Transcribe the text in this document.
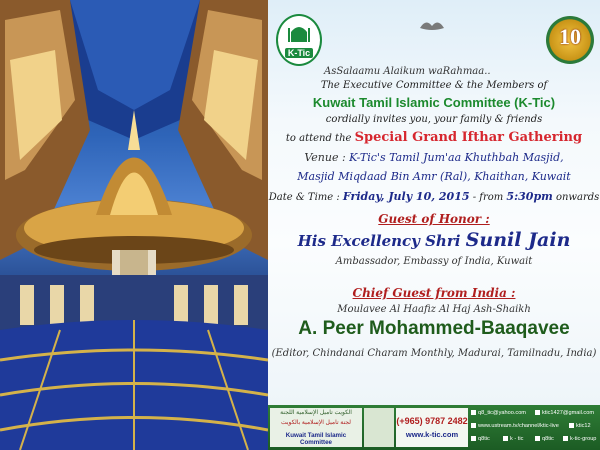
K-Tic
10
AsSalaamu Alaikum waRahmaa..
The Executive Committee & the Members of
Kuwait Tamil Islamic Committee (K-Tic)
cordially invites you, your family & friends
to attend the Special Grand Ifthar Gathering
Venue : K-Tic's Tamil Jum'aa Khuthbah Masjid,
Masjid Miqdaad Bin Amr (Ral), Khaithan, Kuwait
Date & Time : Friday, July 10, 2015 - from 5:30pm onwards
Guest of Honor :
His Excellency Shri Sunil Jain
Ambassador, Embassy of India, Kuwait
Chief Guest from India :
Moulavee Al Haafiz Al Haj Ash-Shaikh
A. Peer Mohammed-Baaqavee
(Editor, Chindanai Charam Monthly, Madurai, Tamilnadu, India)
الكويت تاميل الإسلامية اللجنة
لجنة تاميل الإسلامية بالكويت
Kuwait Tamil Islamic Committee
(+965) 9787 2482
www.k-tic.com
q8_tic@yahoo.com	ktic1427@gmail.com
www.ustream.tv/channel/ktic-live	ktic12
q8tic	k - tic	q8tic	k-tic-group
